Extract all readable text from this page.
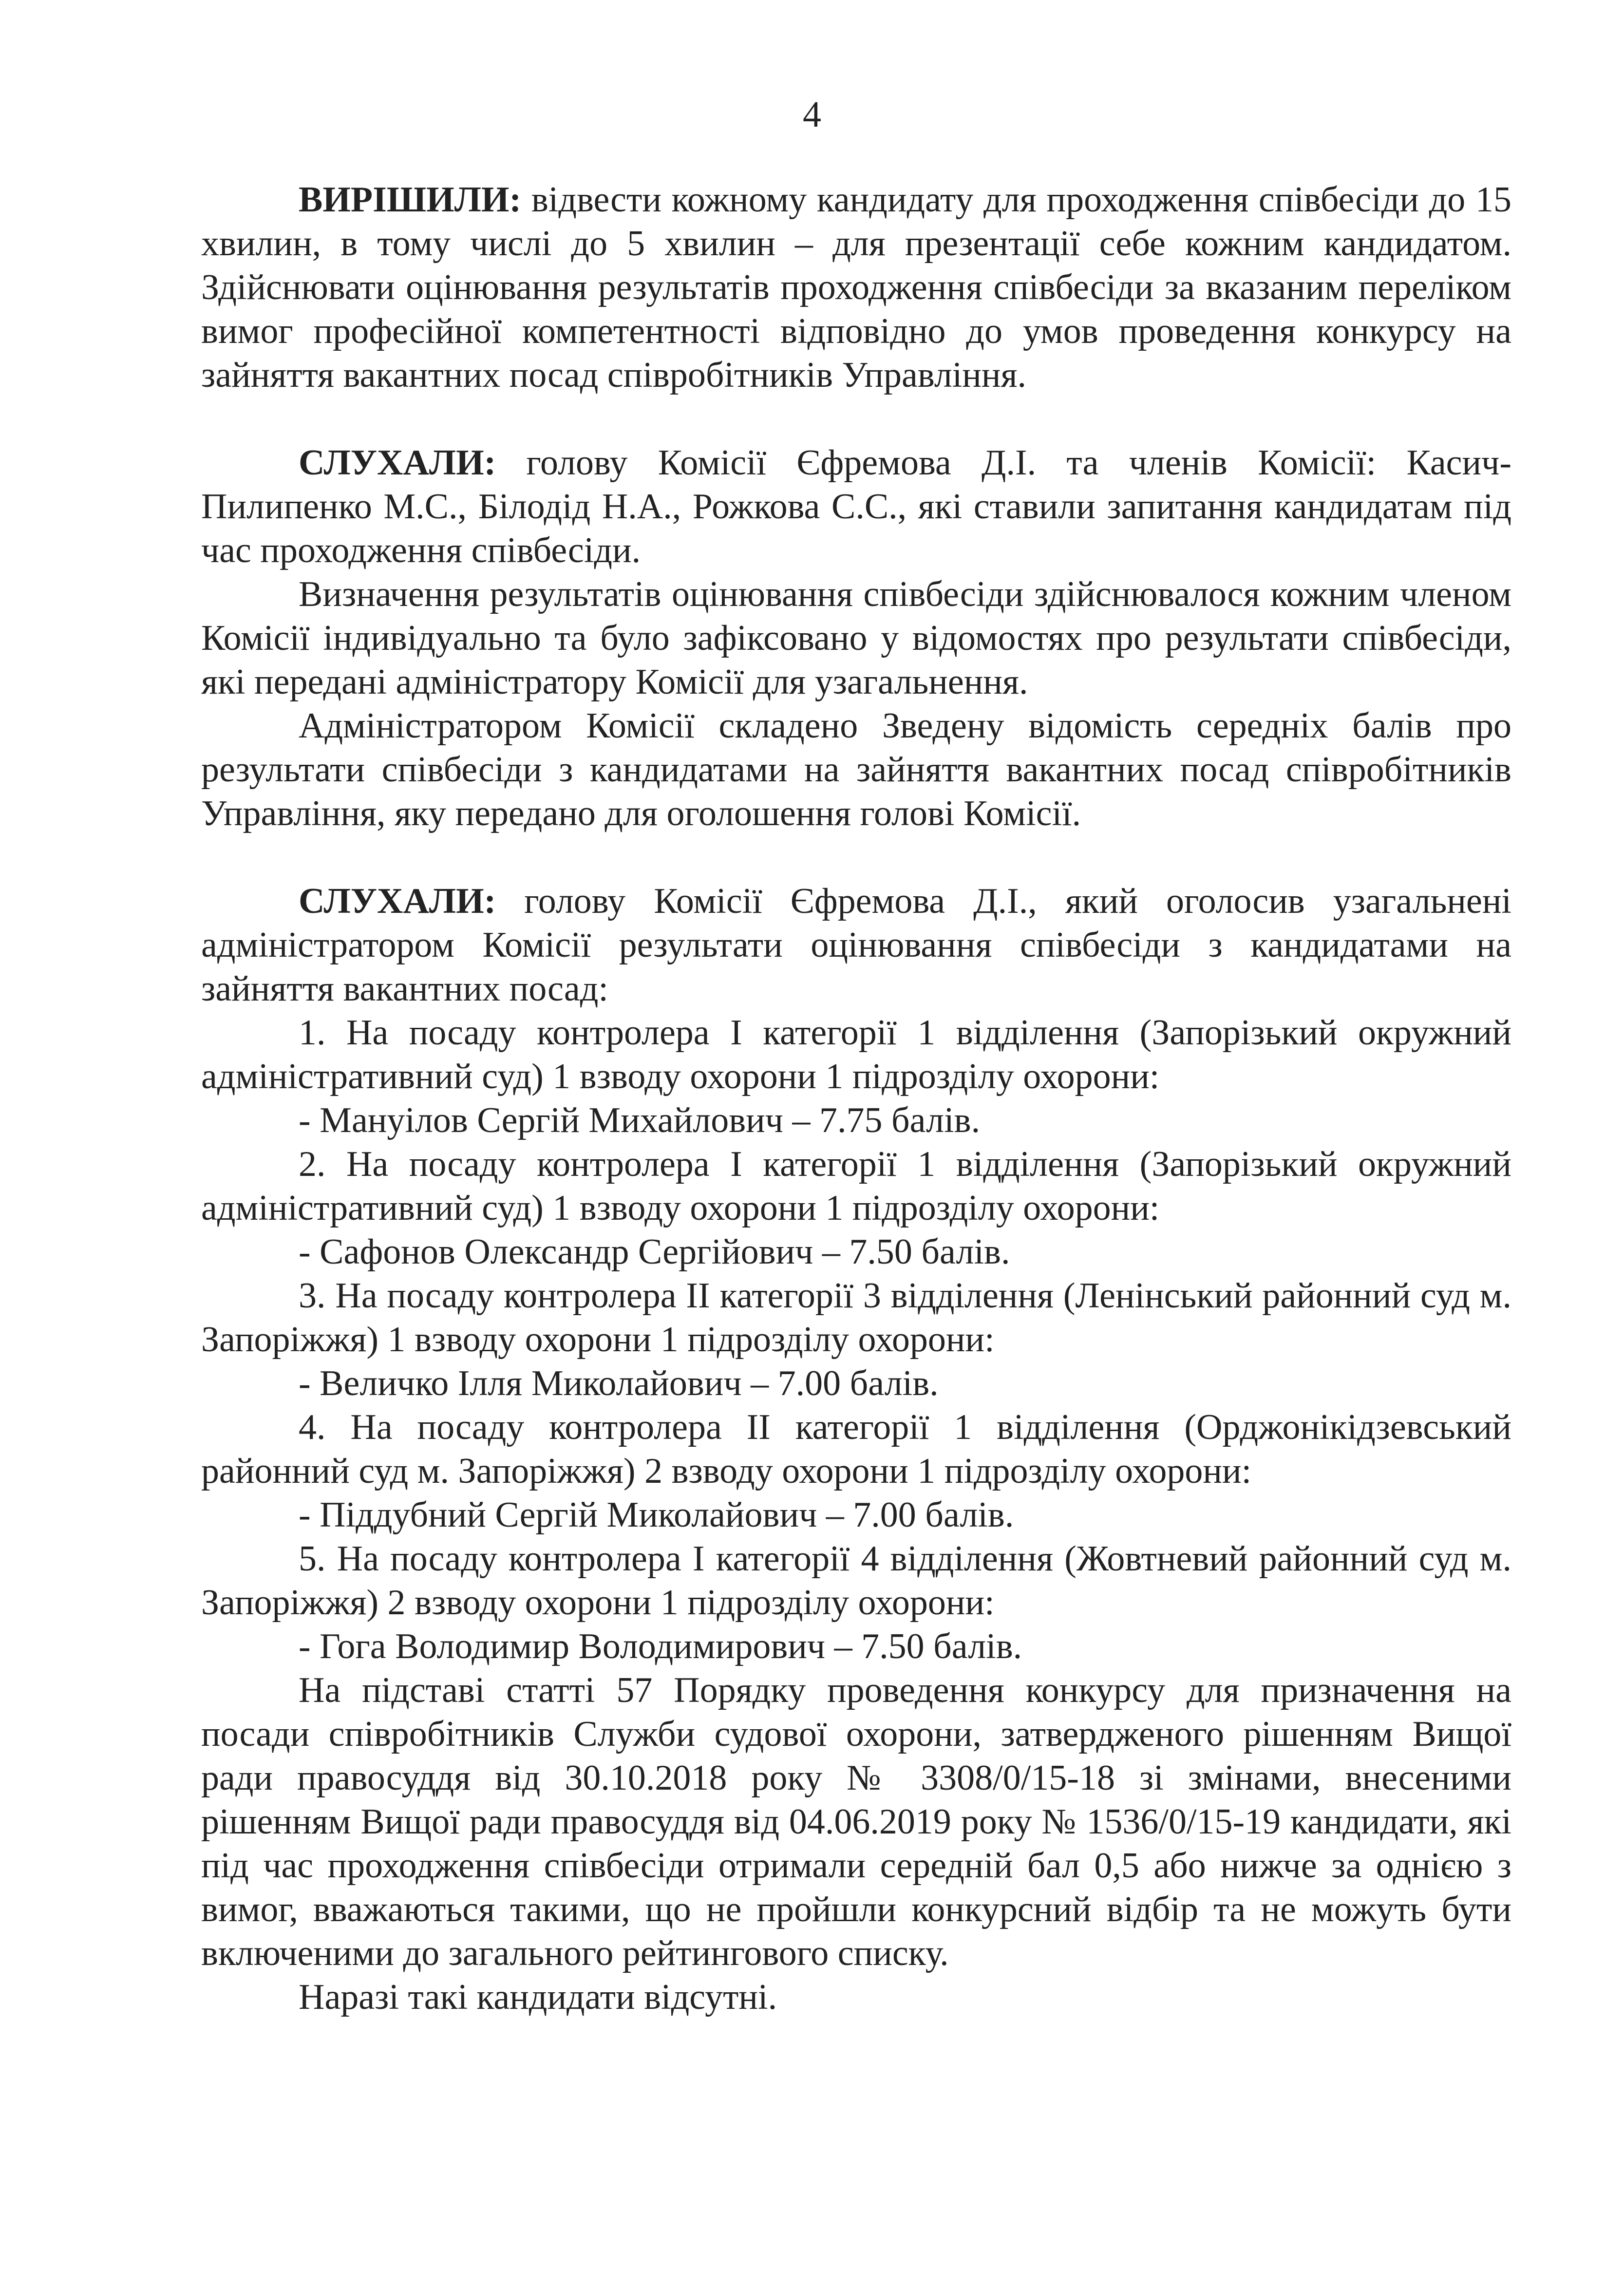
4

ВИРІШИЛИ: відвести кожному кандидату для проходження співбесіди до 15 хвилин, в тому числі до 5 хвилин – для презентації себе кожним кандидатом. Здійснювати оцінювання результатів проходження співбесіди за вказаним переліком вимог професійної компетентності відповідно до умов проведення конкурсу на зайняття вакантних посад співробітників Управління.

СЛУХАЛИ: голову Комісії Єфремова Д.І. та членів Комісії: Касич-Пилипенко М.С., Білодід Н.А., Рожкова С.С., які ставили запитання кандидатам під час проходження співбесіди.

Визначення результатів оцінювання співбесіди здійснювалося кожним членом Комісії індивідуально та було зафіксовано у відомостях про результати співбесіди, які передані адміністратору Комісії для узагальнення.

Адміністратором Комісії складено Зведену відомість середніх балів про результати співбесіди з кандидатами на зайняття вакантних посад співробітників Управління, яку передано для оголошення голові Комісії.

СЛУХАЛИ: голову Комісії Єфремова Д.І., який оголосив узагальнені адміністратором Комісії результати оцінювання співбесіди з кандидатами на зайняття вакантних посад:

1. На посаду контролера І категорії 1 відділення (Запорізький окружний адміністративний суд) 1 взводу охорони 1 підрозділу охорони:

- Мануілов Сергій Михайлович – 7.75 балів.

2. На посаду контролера І категорії 1 відділення (Запорізький окружний адміністративний суд) 1 взводу охорони 1 підрозділу охорони:

- Сафонов Олександр Сергійович – 7.50 балів.

3. На посаду контролера ІІ категорії 3 відділення (Ленінський районний суд м. Запоріжжя) 1 взводу охорони 1 підрозділу охорони:

- Величко Ілля Миколайович – 7.00 балів.

4. На посаду контролера ІІ категорії 1 відділення (Орджонікідзевський районний суд м. Запоріжжя) 2 взводу охорони 1 підрозділу охорони:

- Піддубний Сергій Миколайович – 7.00 балів.

5. На посаду контролера І категорії 4 відділення (Жовтневий районний суд м. Запоріжжя) 2 взводу охорони 1 підрозділу охорони:

- Гога Володимир Володимирович – 7.50 балів.

На підставі статті 57 Порядку проведення конкурсу для призначення на посади співробітників Служби судової охорони, затвердженого рішенням Вищої ради правосуддя від 30.10.2018 року № 3308/0/15-18 зі змінами, внесеними рішенням Вищої ради правосуддя від 04.06.2019 року № 1536/0/15-19 кандидати, які під час проходження співбесіди отримали середній бал 0,5 або нижче за однією з вимог, вважаються такими, що не пройшли конкурсний відбір та не можуть бути включеними до загального рейтингового списку.

Наразі такі кандидати відсутні.
